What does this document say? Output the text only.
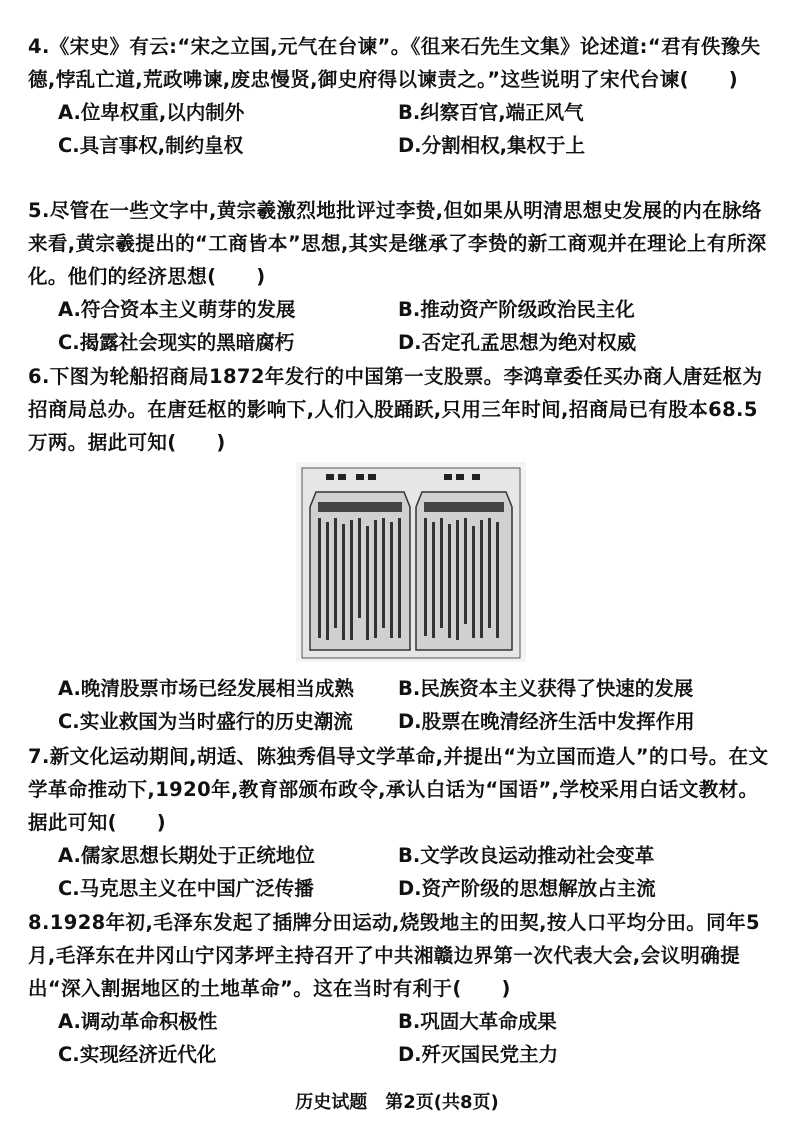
4.《宋史》有云:“宋之立国,元气在台谏”。《徂来石先生文集》论述道:“君有佚豫失德,悖乱亡道,荒政咈谏,废忠慢贤,御史府得以谏责之。”这些说明了宋代台谏(　　)
A.位卑权重,以内制外	B.纠察百官,端正风气
C.具言事权,制约皇权	D.分割相权,集权于上
5.尽管在一些文字中,黄宗羲激烈地批评过李贽,但如果从明清思想史发展的内在脉络来看,黄宗羲提出的“工商皆本”思想,其实是继承了李贽的新工商观并在理论上有所深化。他们的经济思想(　　)
A.符合资本主义萌芽的发展	B.推动资产阶级政治民主化
C.揭露社会现实的黑暗腐朽	D.否定孔孟思想为绝对权威
6.下图为轮船招商局1872年发行的中国第一支股票。李鸿章委任买办商人唐廷枢为招商局总办。在唐廷枢的影响下,人们入股踊跃,只用三年时间,招商局已有股本68.5万两。据此可知(　　)
A.晚清股票市场已经发展相当成熟	B.民族资本主义获得了快速的发展
C.实业救国为当时盛行的历史潮流	D.股票在晚清经济生活中发挥作用
7.新文化运动期间,胡适、陈独秀倡导文学革命,并提出“为立国而造人”的口号。在文学革命推动下,1920年,教育部颁布政令,承认白话为“国语”,学校采用白话文教材。据此可知(　　)
A.儒家思想长期处于正统地位	B.文学改良运动推动社会变革
C.马克思主义在中国广泛传播	D.资产阶级的思想解放占主流
8.1928年初,毛泽东发起了插牌分田运动,烧毁地主的田契,按人口平均分田。同年5月,毛泽东在井冈山宁冈茅坪主持召开了中共湘赣边界第一次代表大会,会议明确提出“深入割据地区的土地革命”。这在当时有利于(　　)
A.调动革命积极性	B.巩固大革命成果
C.实现经济近代化	D.歼灭国民党主力
历史试题　第2页(共8页)
